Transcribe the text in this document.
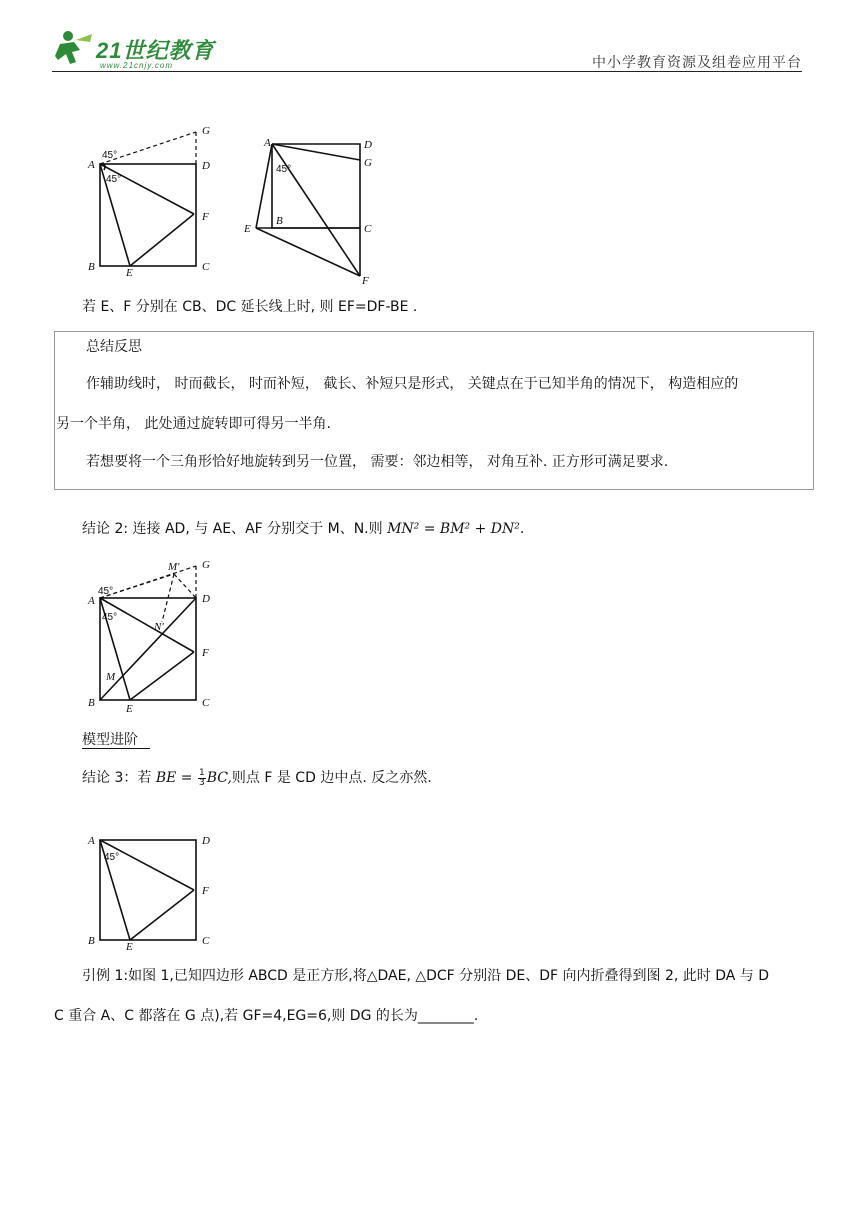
21世纪教育
www.21cnjy.com	中小学教育资源及组卷应用平台
G
A
45°
D
45°
F
B	E	C
A	D
G
45°
E
B
C
F
若 E、F 分别在 CB、DC 延长线上时, 则 EF=DF-BE .
总结反思
作辅助线时， 时而截长， 时而补短， 截长、补短只是形式， 关键点在于已知半角的情况下， 构造相应的
另一个半角， 此处通过旋转即可得另一半角.
若想要将一个三角形恰好地旋转到另一位置， 需要：邻边相等， 对角互补. 正方形可满足要求.
结论 2: 连接 AD, 与 AE、AF 分别交于 M、N.则 MN² = BM² + DN².
M' G
45°
A	D
45°
N'
F
M
B	E	C
模型进阶
结论 3：若 BE = $\frac{1}{3}$ BC,则点 F 是 CD 边中点. 反之亦然.
A	D
45°
F
B	E	C
引例 1:如图 1,已知四边形 ABCD 是正方形,将△DAE, △DCF 分别沿 DE、DF 向内折叠得到图 2, 此时 DA 与 D
C 重合 A、C 都落在 G 点),若 GF=4,EG=6,则 DG 的长为________.
